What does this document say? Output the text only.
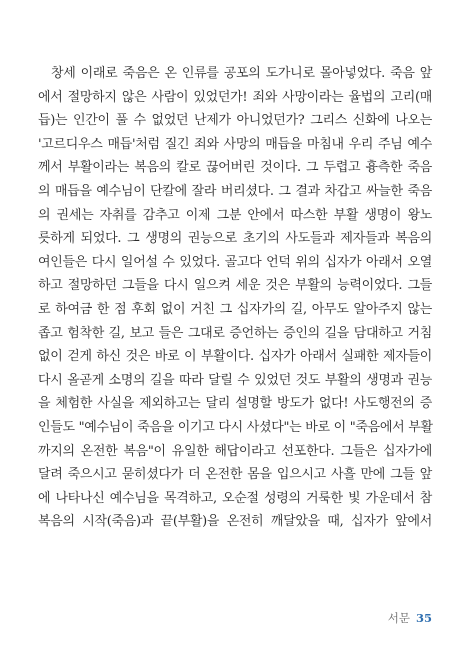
창세 이래로 죽음은 온 인류를 공포의 도가니로 몰아넣었다. 죽음 앞
에서 절망하지 않은 사람이 있었던가! 죄와 사망이라는 율법의 고리(매
듭)는 인간이 풀 수 없었던 난제가 아니었던가? 그리스 신화에 나오는
'고르디우스 매듭'처럼 질긴 죄와 사망의 매듭을 마침내 우리 주님 예수
께서 부활이라는 복음의 칼로 끊어버린 것이다. 그 두렵고 흉측한 죽음
의 매듭을 예수님이 단칼에 잘라 버리셨다. 그 결과 차갑고 싸늘한 죽음
의 권세는 자취를 감추고 이제 그분 안에서 따스한 부활 생명이 왕노
릇하게 되었다. 그 생명의 권능으로 초기의 사도들과 제자들과 복음의
여인들은 다시 일어설 수 있었다. 골고다 언덕 위의 십자가 아래서 오열
하고 절망하던 그들을 다시 일으켜 세운 것은 부활의 능력이었다. 그들
로 하여금 한 점 후회 없이 거친 그 십자가의 길, 아무도 알아주지 않는
좁고 험착한 길, 보고 들은 그대로 증언하는 증인의 길을 담대하고 거침
없이 걷게 하신 것은 바로 이 부활이다. 십자가 아래서 실패한 제자들이
다시 올곧게 소명의 길을 따라 달릴 수 있었던 것도 부활의 생명과 권능
을 체험한 사실을 제외하고는 달리 설명할 방도가 없다! 사도행전의 증
인들도 "예수님이 죽음을 이기고 다시 사셨다"는 바로 이 "죽음에서 부활
까지의 온전한 복음"이 유일한 해답이라고 선포한다. 그들은 십자가에
달려 죽으시고 묻히셨다가 더 온전한 몸을 입으시고 사흘 만에 그들 앞
에 나타나신 예수님을 목격하고, 오순절 성령의 거룩한 빛 가운데서 참
복음의 시작(죽음)과 끝(부활)을 온전히 깨달았을 때, 십자가 앞에서
서문 35
